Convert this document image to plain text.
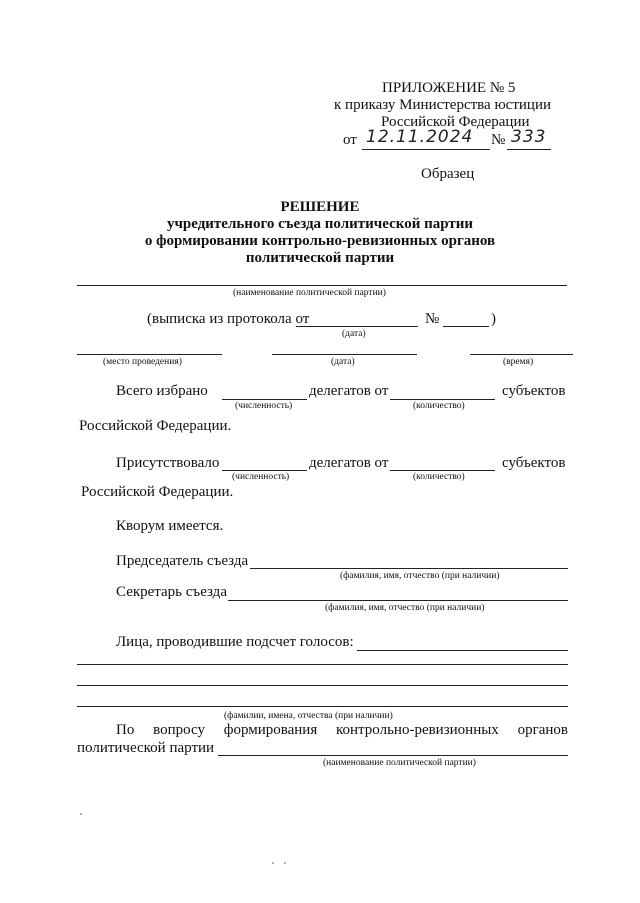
ПРИЛОЖЕНИЕ № 5
к приказу Министерства юстиции
Российской Федерации
от 12.11.2024 № 333
Образец
РЕШЕНИЕ
учредительного съезда политической партии
о формировании контрольно-ревизионных органов
политической партии
(наименование политической партии)
(выписка из протокола от	№	)
(дата)
(место проведения)	(дата)	(время)
Всего избрано	делегатов от	субъектов
(численность)	(количество)
Российской Федерации.
Присутствовало	делегатов от	субъектов
(численность)	(количество)
Российской Федерации.
Кворум имеется.
Председатель съезда
(фамилия, имя, отчество (при наличии)
Секретарь съезда
(фамилия, имя, отчество (при наличии)
Лица, проводившие подсчет голосов:
(фамилии, имена, отчества (при наличии)
По вопросу формирования контрольно-ревизионных органов
политической партии
(наименование политической партии)
